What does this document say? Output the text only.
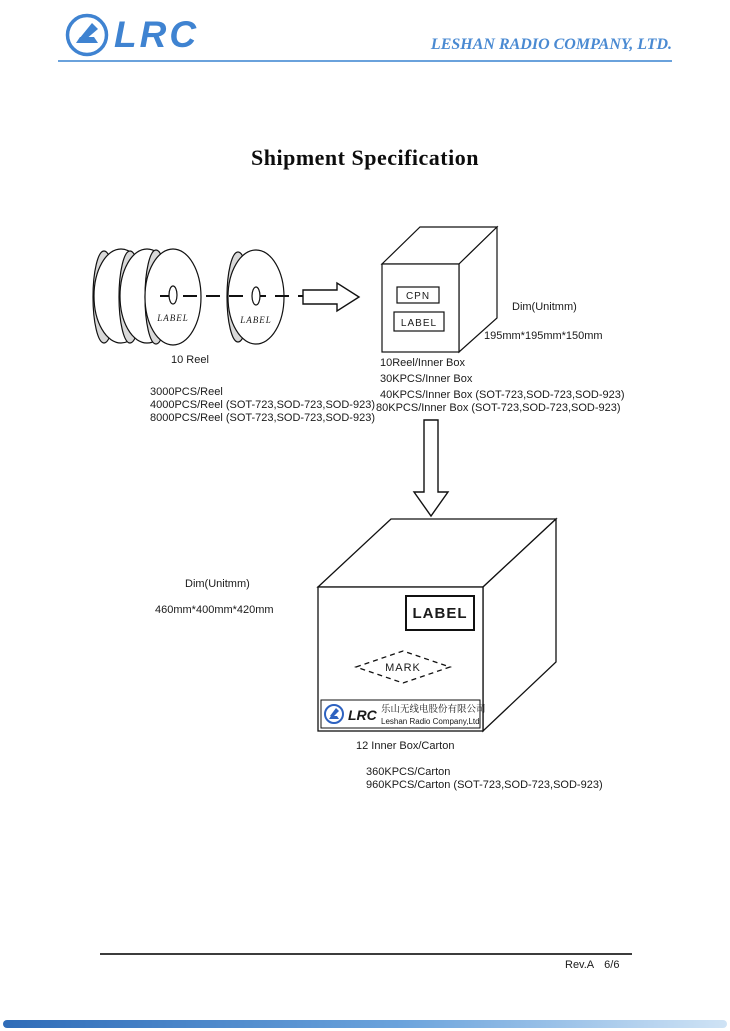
LRC	LESHAN RADIO COMPANY, LTD.
Shipment Specification
LABEL	LABEL
10 Reel
CPN
LABEL
Dim(Unitmm)
195mm*195mm*150mm
3000PCS/Reel
4000PCS/Reel (SOT-723,SOD-723,SOD-923)
8000PCS/Reel (SOT-723,SOD-723,SOD-923)
10Reel/Inner Box
30KPCS/Inner Box
40KPCS/Inner Box (SOT-723,SOD-723,SOD-923)
80KPCS/Inner Box (SOT-723,SOD-723,SOD-923)
LABEL
MARK
LRC 乐山无线电股份有限公司
Leshan Radio Company,Ltd
Dim(Unitmm)
460mm*400mm*420mm
12 Inner Box/Carton
360KPCS/Carton
960KPCS/Carton (SOT-723,SOD-723,SOD-923)
Rev.A 6/6
